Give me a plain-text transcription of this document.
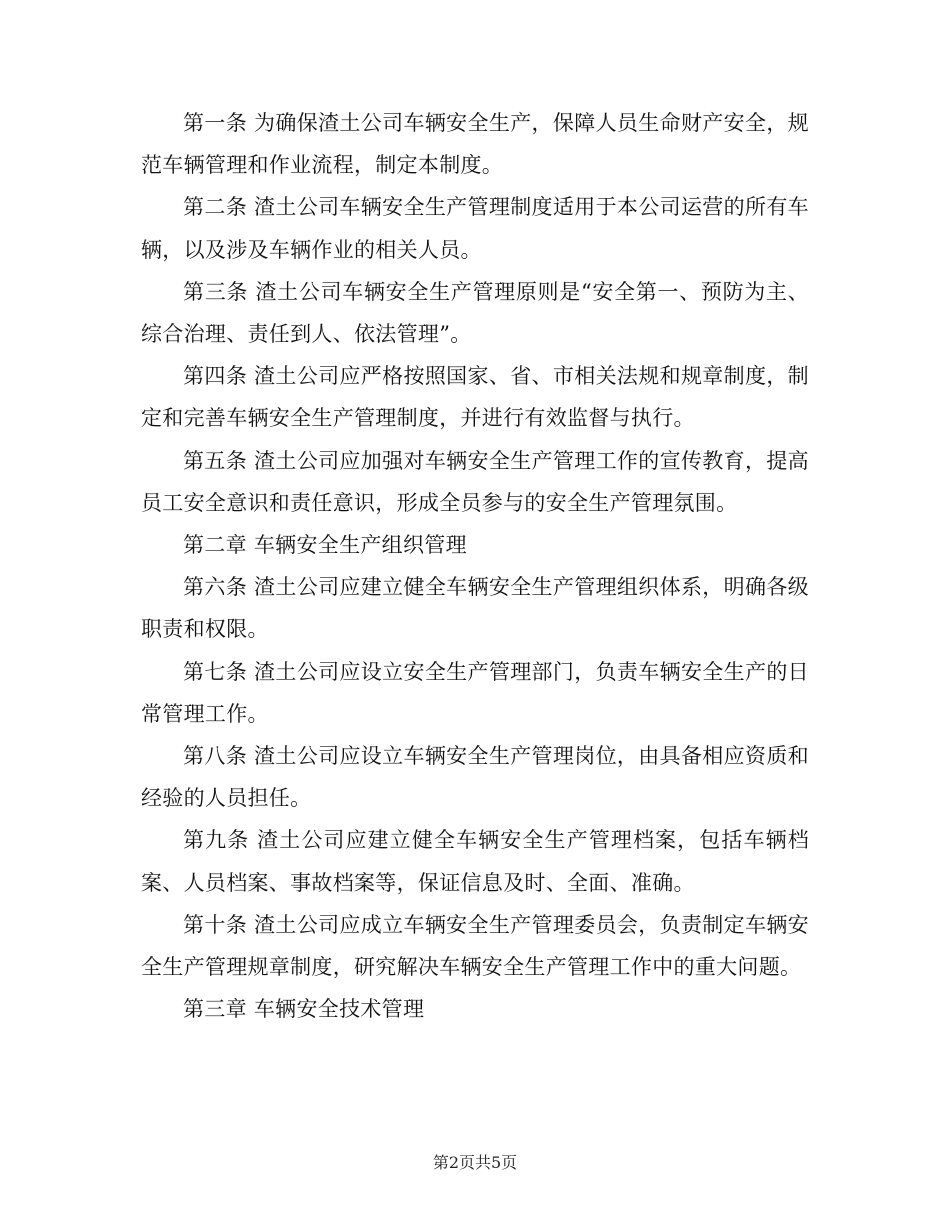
第一条 为确保渣土公司车辆安全生产，保障人员生命财产安全，规范车辆管理和作业流程，制定本制度。

第二条 渣土公司车辆安全生产管理制度适用于本公司运营的所有车辆，以及涉及车辆作业的相关人员。

第三条 渣土公司车辆安全生产管理原则是“安全第一、预防为主、综合治理、责任到人、依法管理”。

第四条 渣土公司应严格按照国家、省、市相关法规和规章制度，制定和完善车辆安全生产管理制度，并进行有效监督与执行。

第五条 渣土公司应加强对车辆安全生产管理工作的宣传教育，提高员工安全意识和责任意识，形成全员参与的安全生产管理氛围。

第二章 车辆安全生产组织管理

第六条 渣土公司应建立健全车辆安全生产管理组织体系，明确各级职责和权限。

第七条 渣土公司应设立安全生产管理部门，负责车辆安全生产的日常管理工作。

第八条 渣土公司应设立车辆安全生产管理岗位，由具备相应资质和经验的人员担任。

第九条 渣土公司应建立健全车辆安全生产管理档案，包括车辆档案、人员档案、事故档案等，保证信息及时、全面、准确。

第十条 渣土公司应成立车辆安全生产管理委员会，负责制定车辆安全生产管理规章制度，研究解决车辆安全生产管理工作中的重大问题。

第三章 车辆安全技术管理

第2页共5页
